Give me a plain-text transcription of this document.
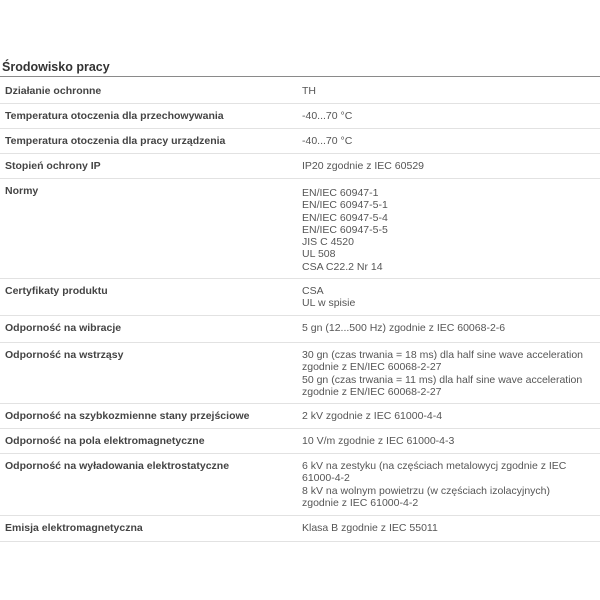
Środowisko pracy
Działanie ochronne	TH
Temperatura otoczenia dla przechowywania	-40...70 °C
Temperatura otoczenia dla pracy urządzenia	-40...70 °C
Stopień ochrony IP	IP20 zgodnie z IEC 60529
Normy	EN/IEC 60947-1
EN/IEC 60947-5-1
EN/IEC 60947-5-4
EN/IEC 60947-5-5
JIS C 4520
UL 508
CSA C22.2 Nr 14
Certyfikaty produktu	CSA
UL w spisie
Odporność na wibracje	5 gn (12...500 Hz) zgodnie z IEC 60068-2-6
Odporność na wstrząsy	30 gn (czas trwania = 18 ms) dla half sine wave acceleration
zgodnie z EN/IEC 60068-2-27
50 gn (czas trwania = 11 ms) dla half sine wave acceleration
zgodnie z EN/IEC 60068-2-27
Odporność na szybkozmienne stany przejściowe	2 kV zgodnie z IEC 61000-4-4
Odporność na pola elektromagnetyczne	10 V/m zgodnie z IEC 61000-4-3
Odporność na wyładowania elektrostatyczne	6 kV na zestyku (na częściach metalowycj zgodnie z IEC
61000-4-2
8 kV na wolnym powietrzu (w częściach izolacyjnych)
zgodnie z IEC 61000-4-2
Emisja elektromagnetyczna	Klasa B zgodnie z IEC 55011
